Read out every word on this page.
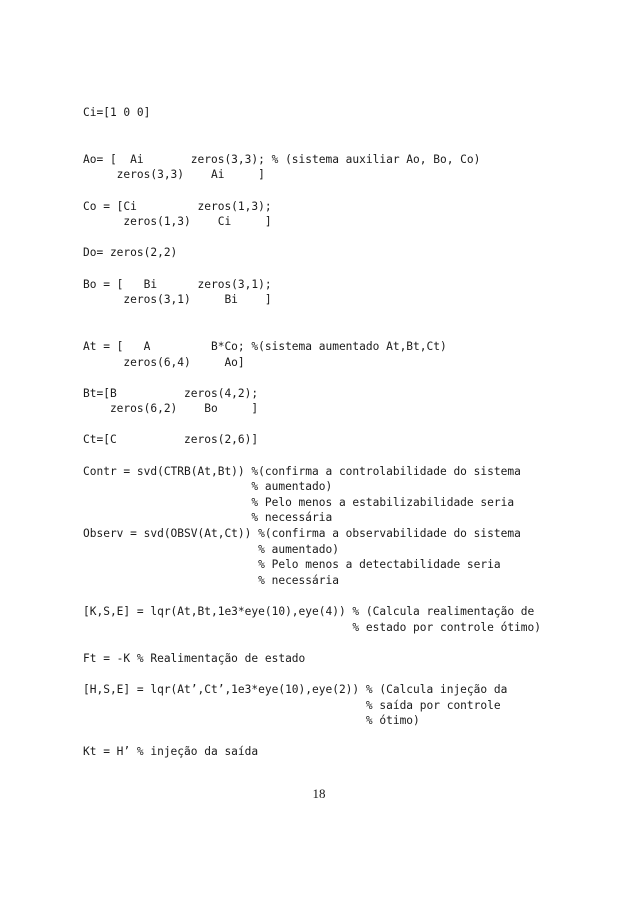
Ci=[1 0 0]
Ao= [  Ai       zeros(3,3); % (sistema auxiliar Ao, Bo, Co)
zeros(3,3)    Ai     ]
Co = [Ci         zeros(1,3);
zeros(1,3)    Ci     ]
Do= zeros(2,2)
Bo = [   Bi      zeros(3,1);
zeros(3,1)     Bi    ]
At = [   A         B*Co; %(sistema aumentado At,Bt,Ct)
zeros(6,4)     Ao]
Bt=[B          zeros(4,2);
zeros(6,2)    Bo     ]
Ct=[C          zeros(2,6)]
Contr = svd(CTRB(At,Bt)) %(confirma a controlabilidade do sistema
% aumentado)
% Pelo menos a estabilizabilidade seria
% necessária
Observ = svd(OBSV(At,Ct)) %(confirma a observabilidade do sistema
% aumentado)
% Pelo menos a detectabilidade seria
% necessária
[K,S,E] = lqr(At,Bt,1e3*eye(10),eye(4)) % (Calcula realimentação de
% estado por controle ótimo)
Ft = -K % Realimentação de estado
[H,S,E] = lqr(At’,Ct’,1e3*eye(10),eye(2)) % (Calcula injeção da
% saída por controle
% ótimo)
Kt = H’ % injeção da saída
18
